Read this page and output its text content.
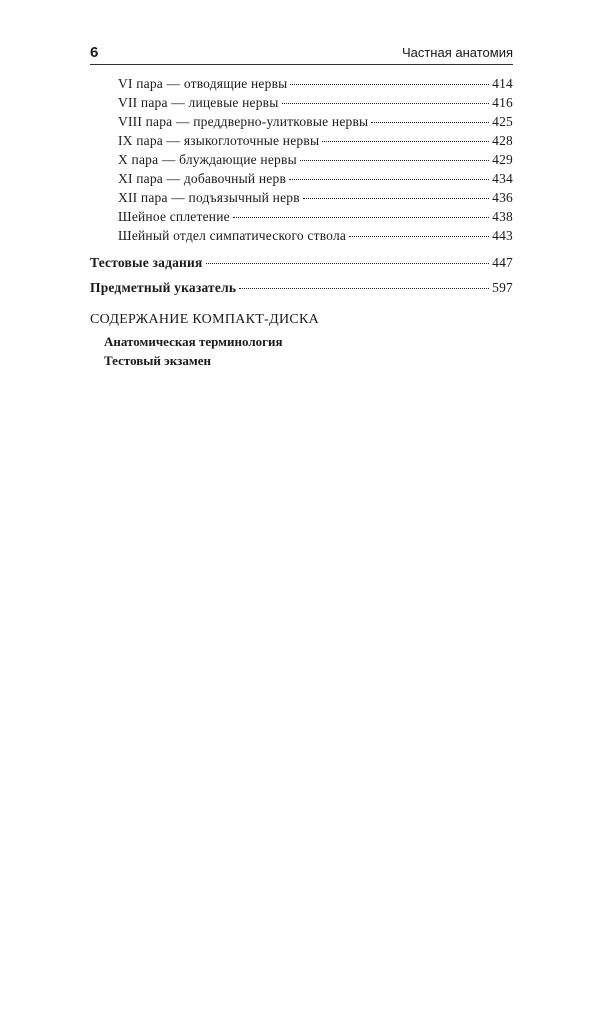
6	Частная анатомия
VI пара — отводящие нервы	414
VII пара — лицевые нервы	416
VIII пара — преддверно-улитковые нервы	425
IX пара — языкоглоточные нервы	428
X пара — блуждающие нервы	429
XI пара — добавочный нерв	434
XII пара — подъязычный нерв	436
Шейное сплетение	438
Шейный отдел симпатического ствола	443
Тестовые задания	447
Предметный указатель	597
СОДЕРЖАНИЕ КОМПАКТ-ДИСКА
Анатомическая терминология
Тестовый экзамен
